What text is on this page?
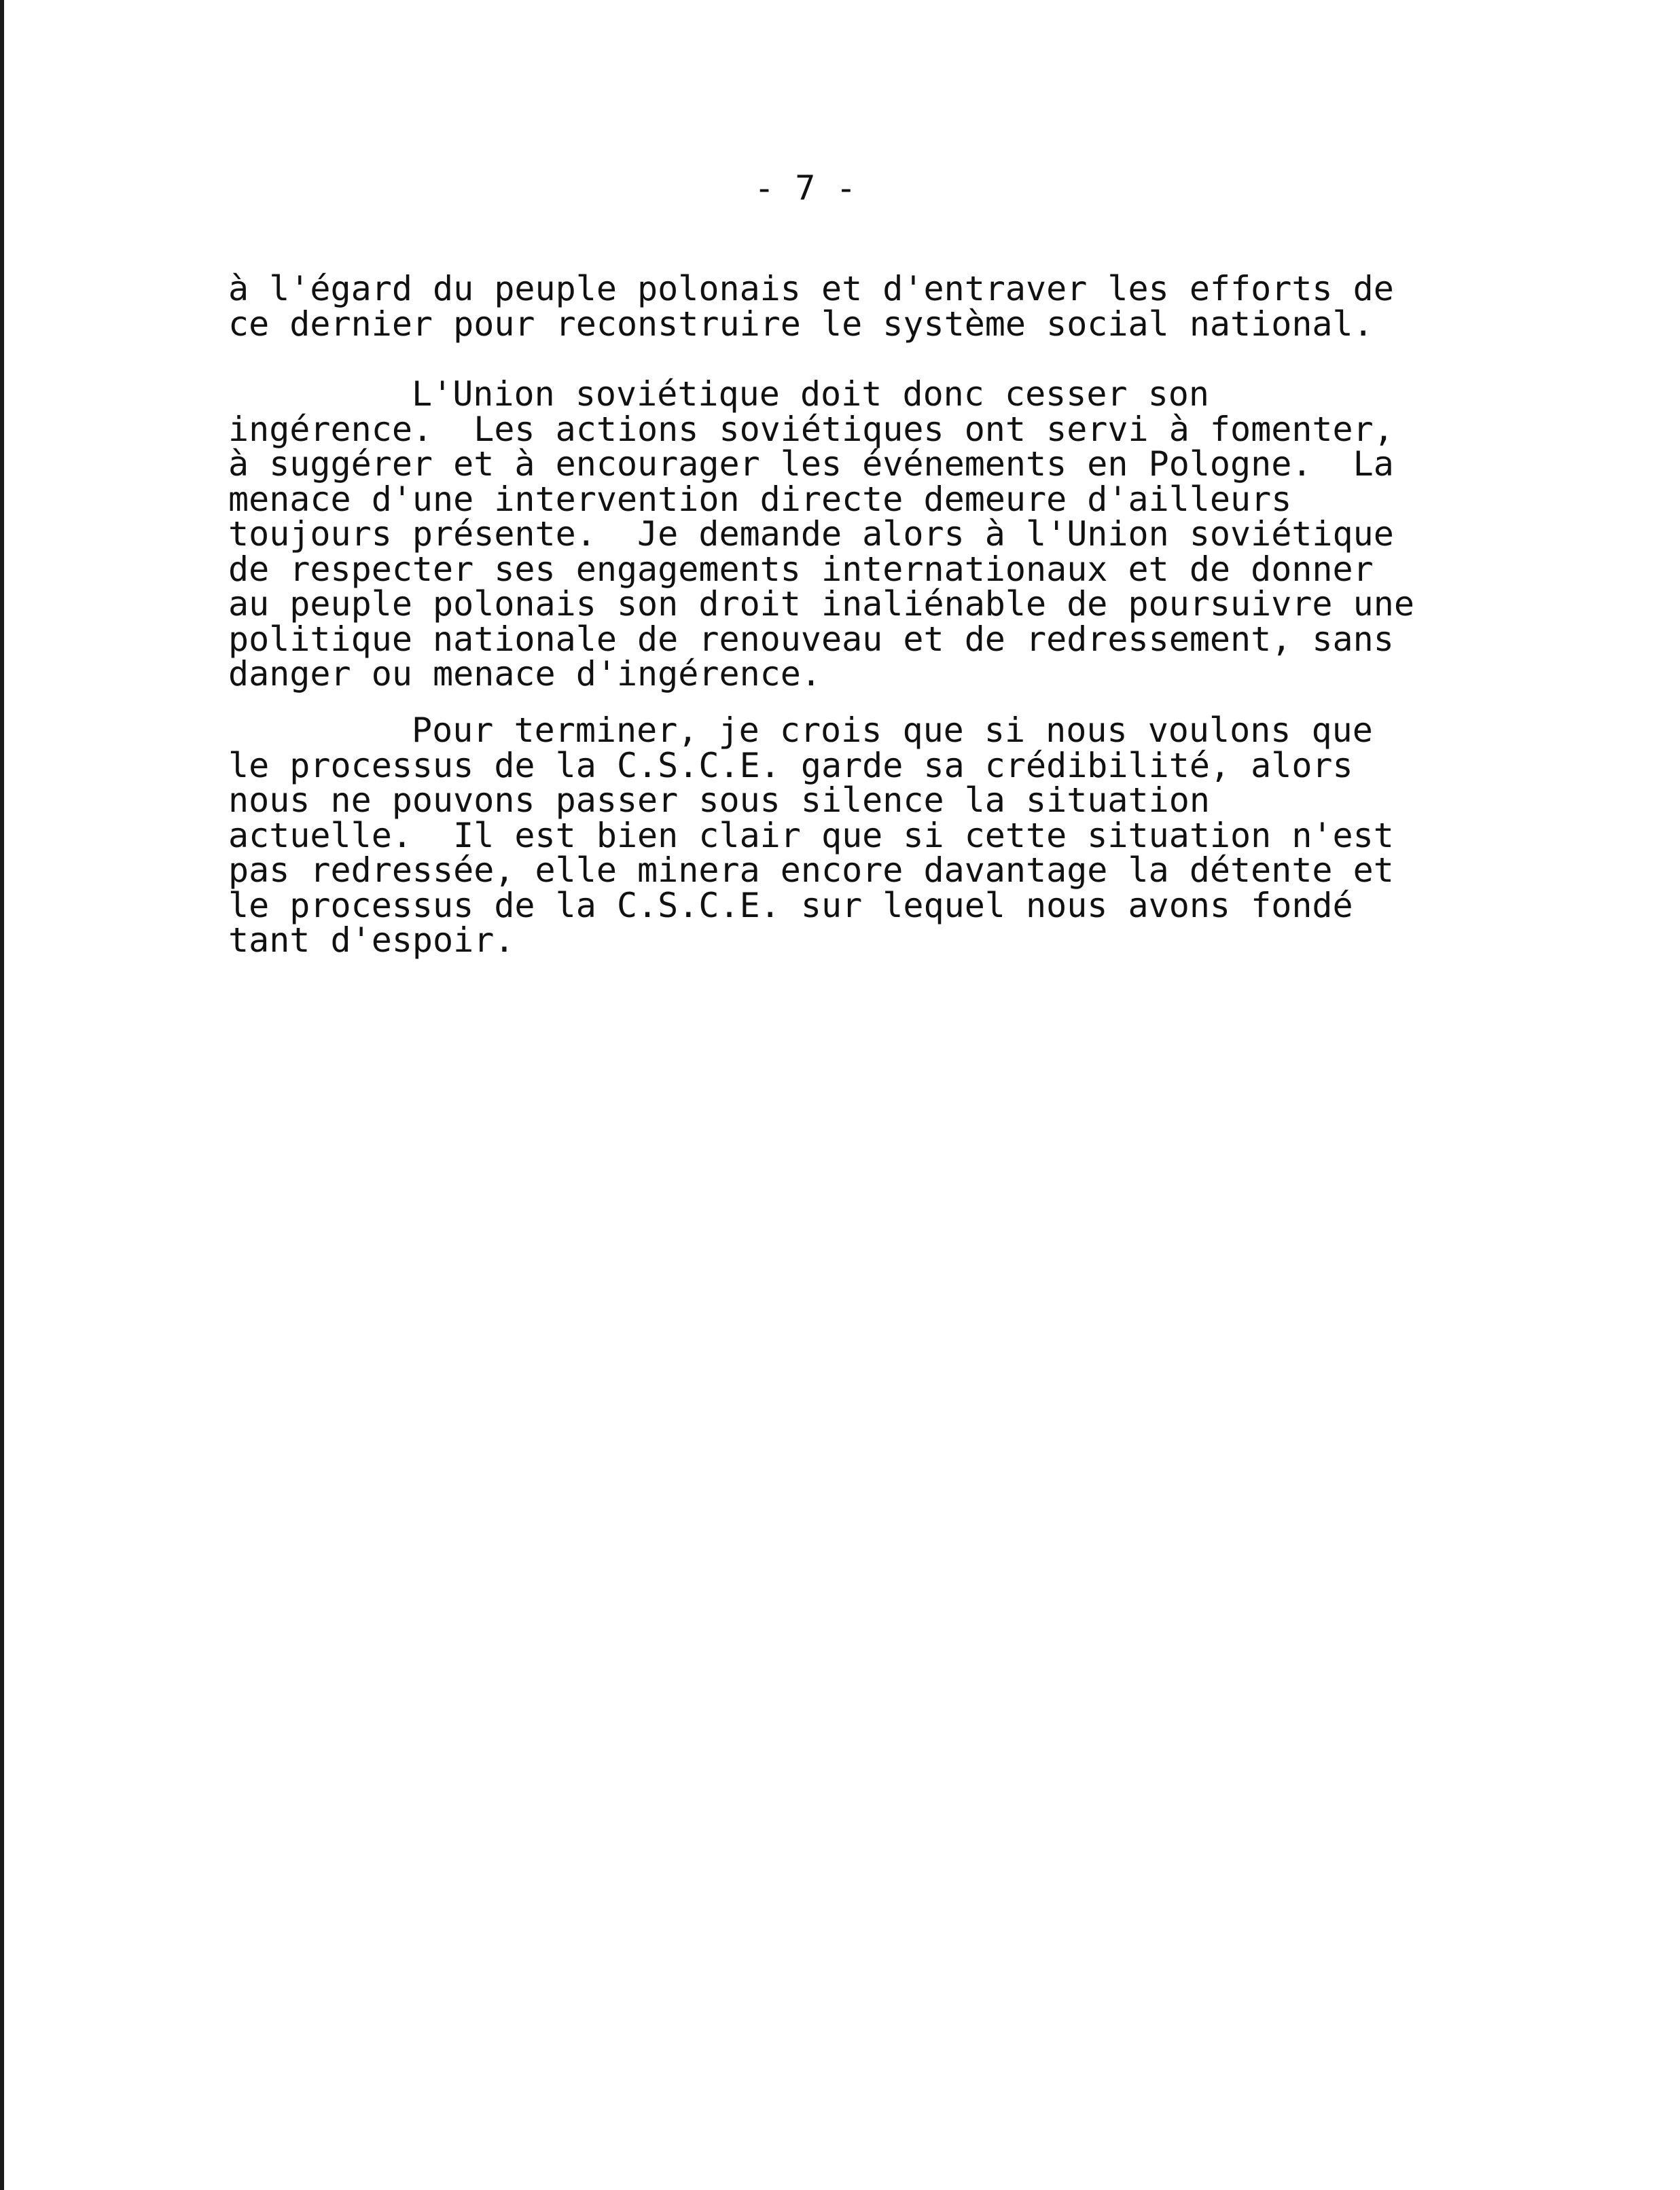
- 7 -

à l'égard du peuple polonais et d'entraver les efforts de
ce dernier pour reconstruire le système social national.
L'Union soviétique doit donc cesser son
ingérence.  Les actions soviétiques ont servi à fomenter,
à suggérer et à encourager les événements en Pologne.  La
menace d'une intervention directe demeure d'ailleurs
toujours présente.  Je demande alors à l'Union soviétique
de respecter ses engagements internationaux et de donner
au peuple polonais son droit inaliénable de poursuivre une
politique nationale de renouveau et de redressement, sans
danger ou menace d'ingérence.
Pour terminer, je crois que si nous voulons que
le processus de la C.S.C.E. garde sa crédibilité, alors
nous ne pouvons passer sous silence la situation
actuelle.  Il est bien clair que si cette situation n'est
pas redressée, elle minera encore davantage la détente et
le processus de la C.S.C.E. sur lequel nous avons fondé
tant d'espoir.
